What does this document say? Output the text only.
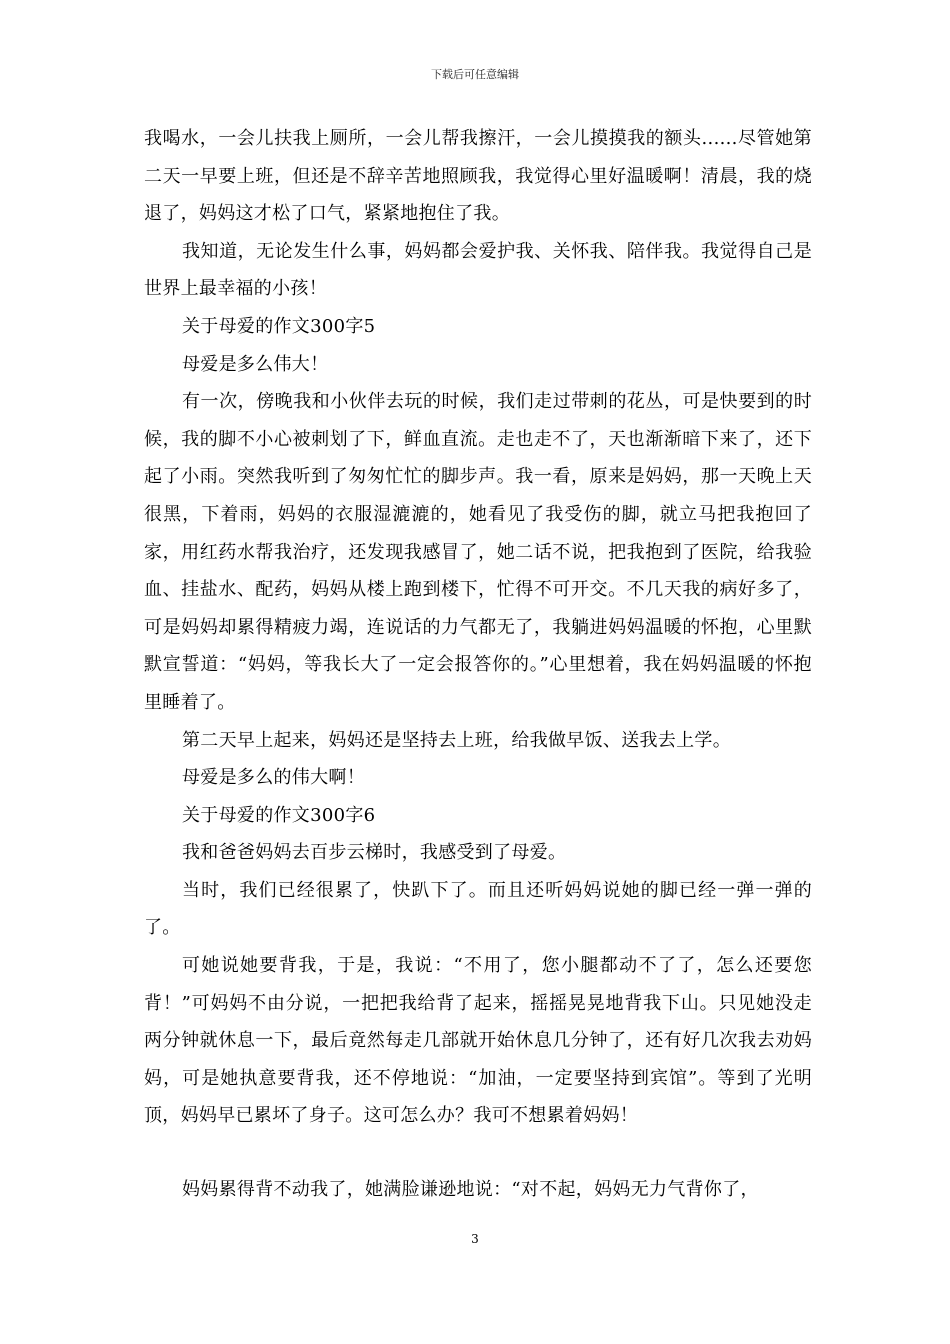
下载后可任意编辑

我喝水，一会儿扶我上厕所，一会儿帮我擦汗，一会儿摸摸我的额头......尽管她第二天一早要上班，但还是不辞辛苦地照顾我，我觉得心里好温暖啊！清晨，我的烧退了，妈妈这才松了口气，紧紧地抱住了我。

我知道，无论发生什么事，妈妈都会爱护我、关怀我、陪伴我。我觉得自己是世界上最幸福的小孩！

关于母爱的作文300字5

母爱是多么伟大！

有一次，傍晚我和小伙伴去玩的时候，我们走过带刺的花丛，可是快要到的时候，我的脚不小心被刺划了下，鲜血直流。走也走不了，天也渐渐暗下来了，还下起了小雨。突然我听到了匆匆忙忙的脚步声。我一看，原来是妈妈，那一天晚上天很黑，下着雨，妈妈的衣服湿漉漉的，她看见了我受伤的脚，就立马把我抱回了家，用红药水帮我治疗，还发现我感冒了，她二话不说，把我抱到了医院，给我验血、挂盐水、配药，妈妈从楼上跑到楼下，忙得不可开交。不几天我的病好多了，可是妈妈却累得精疲力竭，连说话的力气都无了，我躺进妈妈温暖的怀抱，心里默默宣誓道：“妈妈，等我长大了一定会报答你的。”心里想着，我在妈妈温暖的怀抱里睡着了。

第二天早上起来，妈妈还是坚持去上班，给我做早饭、送我去上学。

母爱是多么的伟大啊！

关于母爱的作文300字6

我和爸爸妈妈去百步云梯时，我感受到了母爱。

当时，我们已经很累了，快趴下了。而且还听妈妈说她的脚已经一弹一弹的了。

可她说她要背我，于是，我说：“不用了，您小腿都动不了了，怎么还要您背！”可妈妈不由分说，一把把我给背了起来，摇摇晃晃地背我下山。只见她没走两分钟就休息一下，最后竟然每走几部就开始休息几分钟了，还有好几次我去劝妈妈，可是她执意要背我，还不停地说：“加油，一定要坚持到宾馆”。等到了光明顶，妈妈早已累坏了身子。这可怎么办？我可不想累着妈妈！

妈妈累得背不动我了，她满脸谦逊地说：“对不起，妈妈无力气背你了，

3
